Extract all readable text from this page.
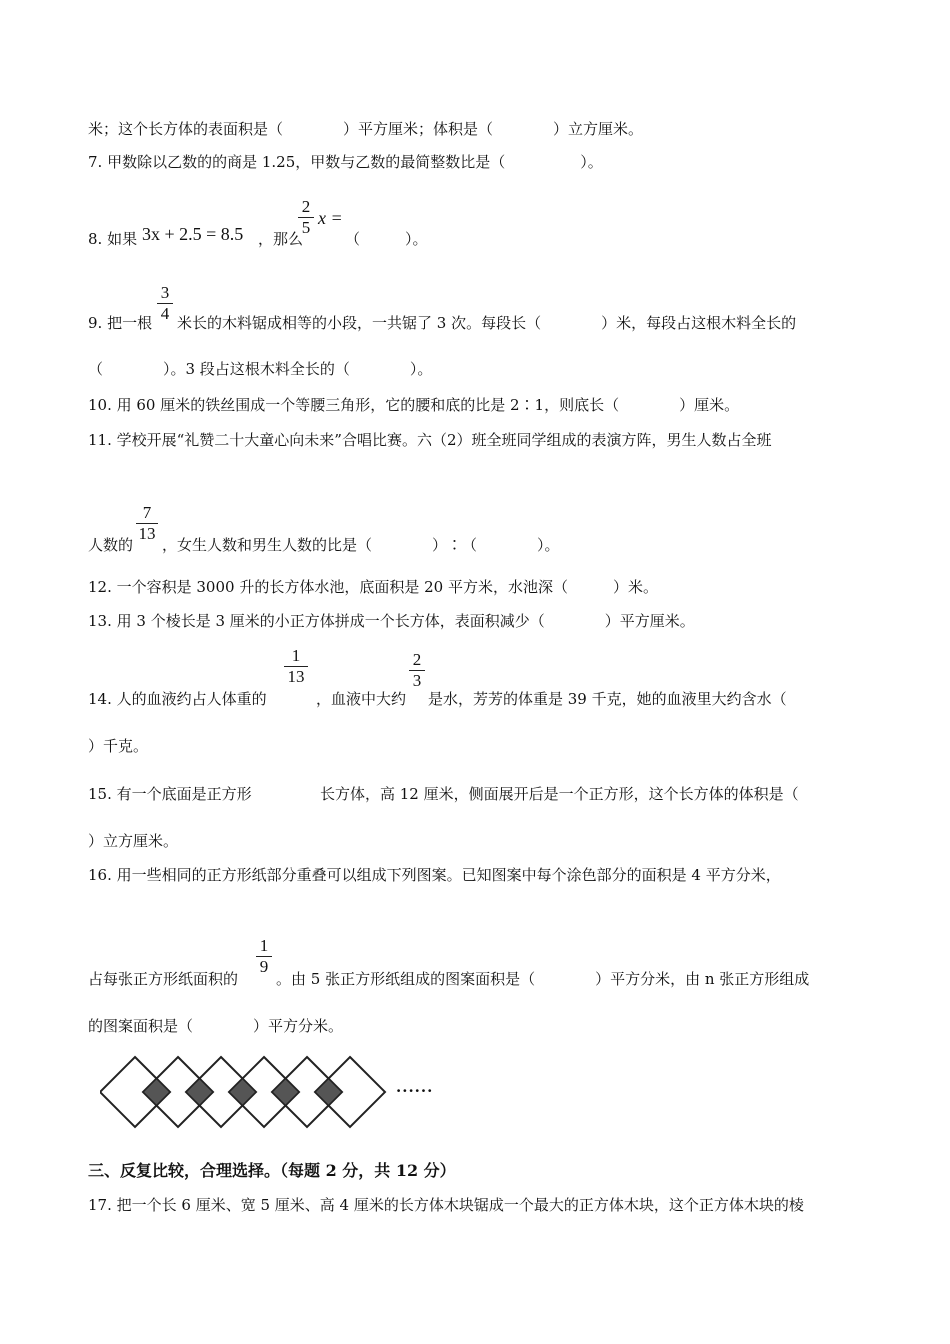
米；这个长方体的表面积是（　　　　）平方厘米；体积是（　　　　）立方厘米。
7. 甲数除以乙数的的商是 1.25，甲数与乙数的最简整数比是（　　　　　）。
8. 如果 3x + 2.5 = 8.5 ，那么
2
5 x =
（　　　）。
9. 把一根
3
4 米长的木料锯成相等的小段，一共锯了 3 次。每段长（　　　　）米，每段占这根木料全长的
（　　　　）。3 段占这根木料全长的（　　　　）。
10. 用 60 厘米的铁丝围成一个等腰三角形，它的腰和底的比是 2∶1，则底长（　　　　）厘米。
11. 学校开展“礼赞二十大童心向未来”合唱比赛。六（2）班全班同学组成的表演方阵，男生人数占全班
人数的
7
13
，女生人数和男生人数的比是（　　　　）∶（　　　　）。
12. 一个容积是 3000 升的长方体水池，底面积是 20 平方米，水池深（　　　）米。
13. 用 3 个棱长是 3 厘米的小正方体拼成一个长方体，表面积减少（　　　　）平方厘米。
14. 人的血液约占人体重的
1
13
，血液中大约
2
3
是水，芳芳的体重是 39 千克，她的血液里大约含水（
）千克。
15. 有一个底面是正方形	长方体，高 12 厘米，侧面展开后是一个正方形，这个长方体的体积是（
）立方厘米。
16. 用一些相同的正方形纸部分重叠可以组成下列图案。已知图案中每个涂色部分的面积是 4 平方分米，
占每张正方形纸面积的
1
9
。由 5 张正方形纸组成的图案面积是（　　　　）平方分米，由 n 张正方形组成
的图案面积是（　　　　）平方分米。
······
三、反复比较，合理选择。（每题 2 分，共 12 分）
17. 把一个长 6 厘米、宽 5 厘米、高 4 厘米的长方体木块锯成一个最大的正方体木块，这个正方体木块的棱
